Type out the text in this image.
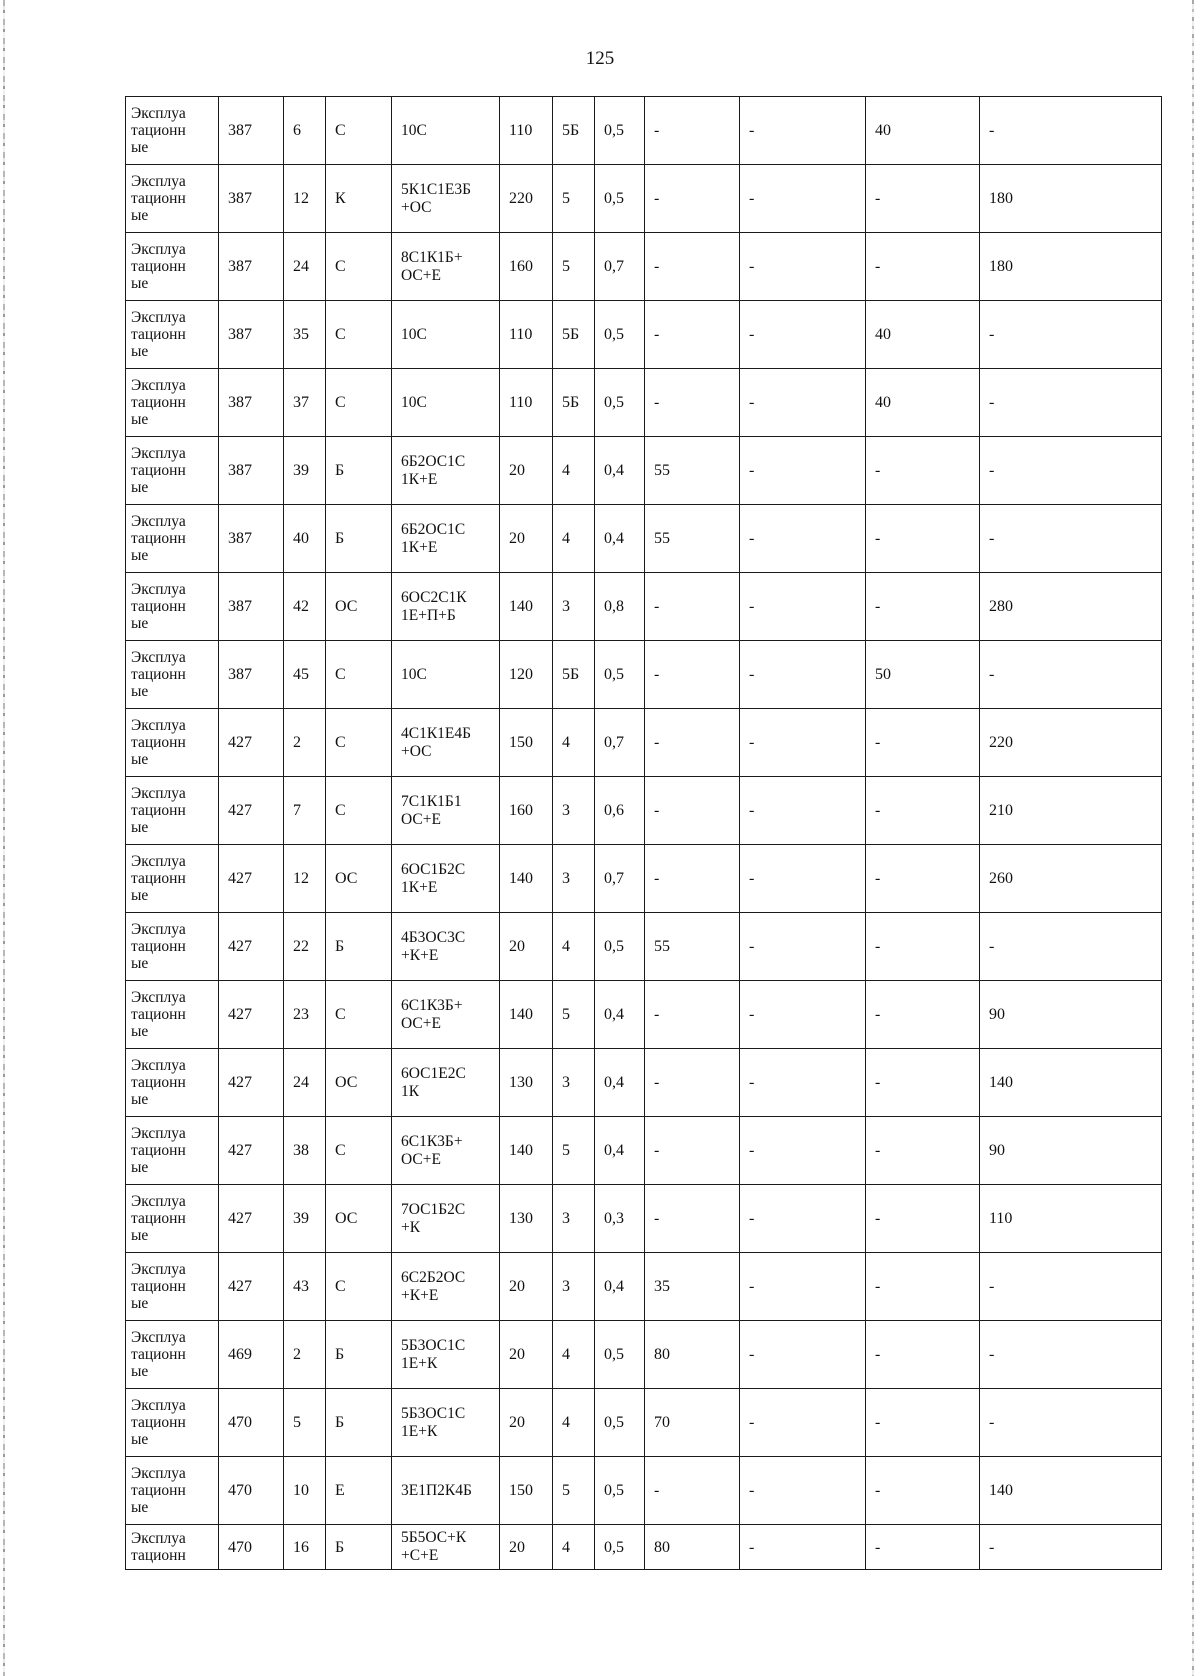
125
Эксплуа
тационн
ые	387	6	С	10С	110	5Б	0,5	-	-	40	-

Эксплуа
тационн
ые	387	12	К	5К1С1Е3Б
+ОС	220	5	0,5	-	-	-	180

Эксплуа
тационн
ые	387	24	С	8С1К1Б+
ОС+Е	160	5	0,7	-	-	-	180

Эксплуа
тационн
ые	387	35	С	10С	110	5Б	0,5	-	-	40	-

Эксплуа
тационн
ые	387	37	С	10С	110	5Б	0,5	-	-	40	-

Эксплуа
тационн
ые	387	39	Б	6Б2ОС1С
1К+Е	20	4	0,4	55	-	-	-

Эксплуа
тационн
ые	387	40	Б	6Б2ОС1С
1К+Е	20	4	0,4	55	-	-	-

Эксплуа
тационн
ые	387	42	ОС	6ОС2С1К
1Е+П+Б	140	3	0,8	-	-	-	280

Эксплуа
тационн
ые	387	45	С	10С	120	5Б	0,5	-	-	50	-

Эксплуа
тационн
ые	427	2	С	4С1К1Е4Б
+ОС	150	4	0,7	-	-	-	220

Эксплуа
тационн
ые	427	7	С	7С1К1Б1
ОС+Е	160	3	0,6	-	-	-	210

Эксплуа
тационн
ые	427	12	ОС	6ОС1Б2С
1К+Е	140	3	0,7	-	-	-	260

Эксплуа
тационн
ые	427	22	Б	4Б3ОС3С
+К+Е	20	4	0,5	55	-	-	-

Эксплуа
тационн
ые	427	23	С	6С1К3Б+
ОС+Е	140	5	0,4	-	-	-	90

Эксплуа
тационн
ые	427	24	ОС	6ОС1Е2С
1К	130	3	0,4	-	-	-	140

Эксплуа
тационн
ые	427	38	С	6С1К3Б+
ОС+Е	140	5	0,4	-	-	-	90

Эксплуа
тационн
ые	427	39	ОС	7ОС1Б2С
+К	130	3	0,3	-	-	-	110

Эксплуа
тационн
ые	427	43	С	6С2Б2ОС
+К+Е	20	3	0,4	35	-	-	-

Эксплуа
тационн
ые	469	2	Б	5Б3ОС1С
1Е+К	20	4	0,5	80	-	-	-

Эксплуа
тационн
ые	470	5	Б	5Б3ОС1С
1Е+К	20	4	0,5	70	-	-	-

Эксплуа
тационн
ые	470	10	Е	3Е1П2К4Б	150	5	0,5	-	-	-	140

Эксплуа
тационн	470	16	Б	5Б5ОС+К
+С+Е	20	4	0,5	80	-	-	-
